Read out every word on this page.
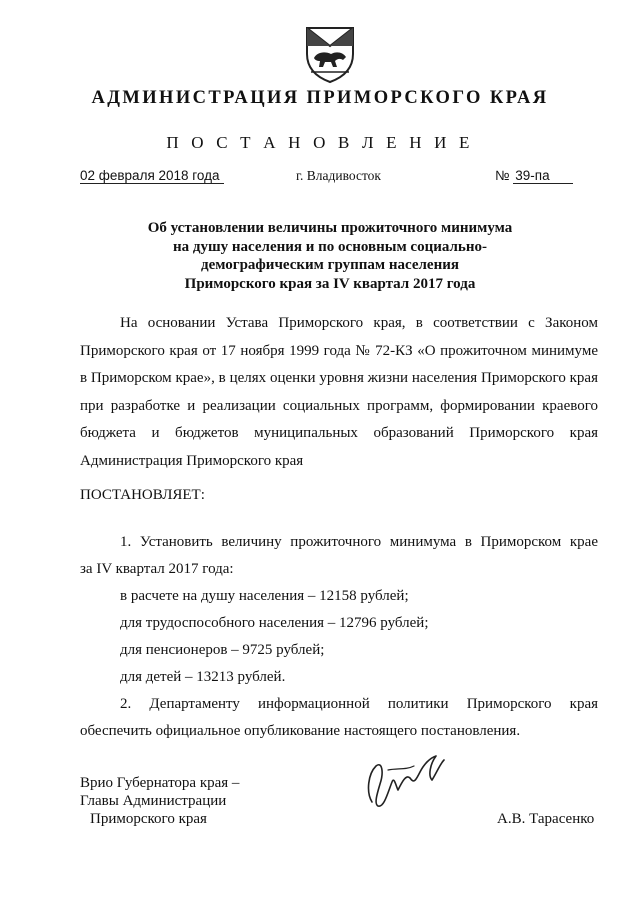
АДМИНИСТРАЦИЯ ПРИМОРСКОГО КРАЯ
П О С Т А Н О В Л Е Н И Е
02 февраля 2018 года	г. Владивосток	№ 39-па
Об установлении величины прожиточного минимума
на душу населения и по основным социально-
демографическим группам населения
Приморского края за IV квартал 2017 года
На основании Устава Приморского края, в соответствии с Законом Приморского края от 17 ноября 1999 года № 72-КЗ «О прожиточном минимуме в Приморском крае», в целях оценки уровня жизни населения Приморского края при разработке и реализации социальных программ, формировании краевого бюджета и бюджетов муниципальных образований Приморского края Администрация Приморского края
ПОСТАНОВЛЯЕТ:
1. Установить величину прожиточного минимума в Приморском крае
за IV квартал 2017 года:
в расчете на душу населения – 12158 рублей;
для трудоспособного населения – 12796 рублей;
для пенсионеров – 9725 рублей;
для детей – 13213 рублей.
2. Департаменту информационной политики Приморского края
обеспечить официальное опубликование настоящего постановления.
Врио Губернатора края –
Главы Администрации
Приморского края	А.В. Тарасенко
